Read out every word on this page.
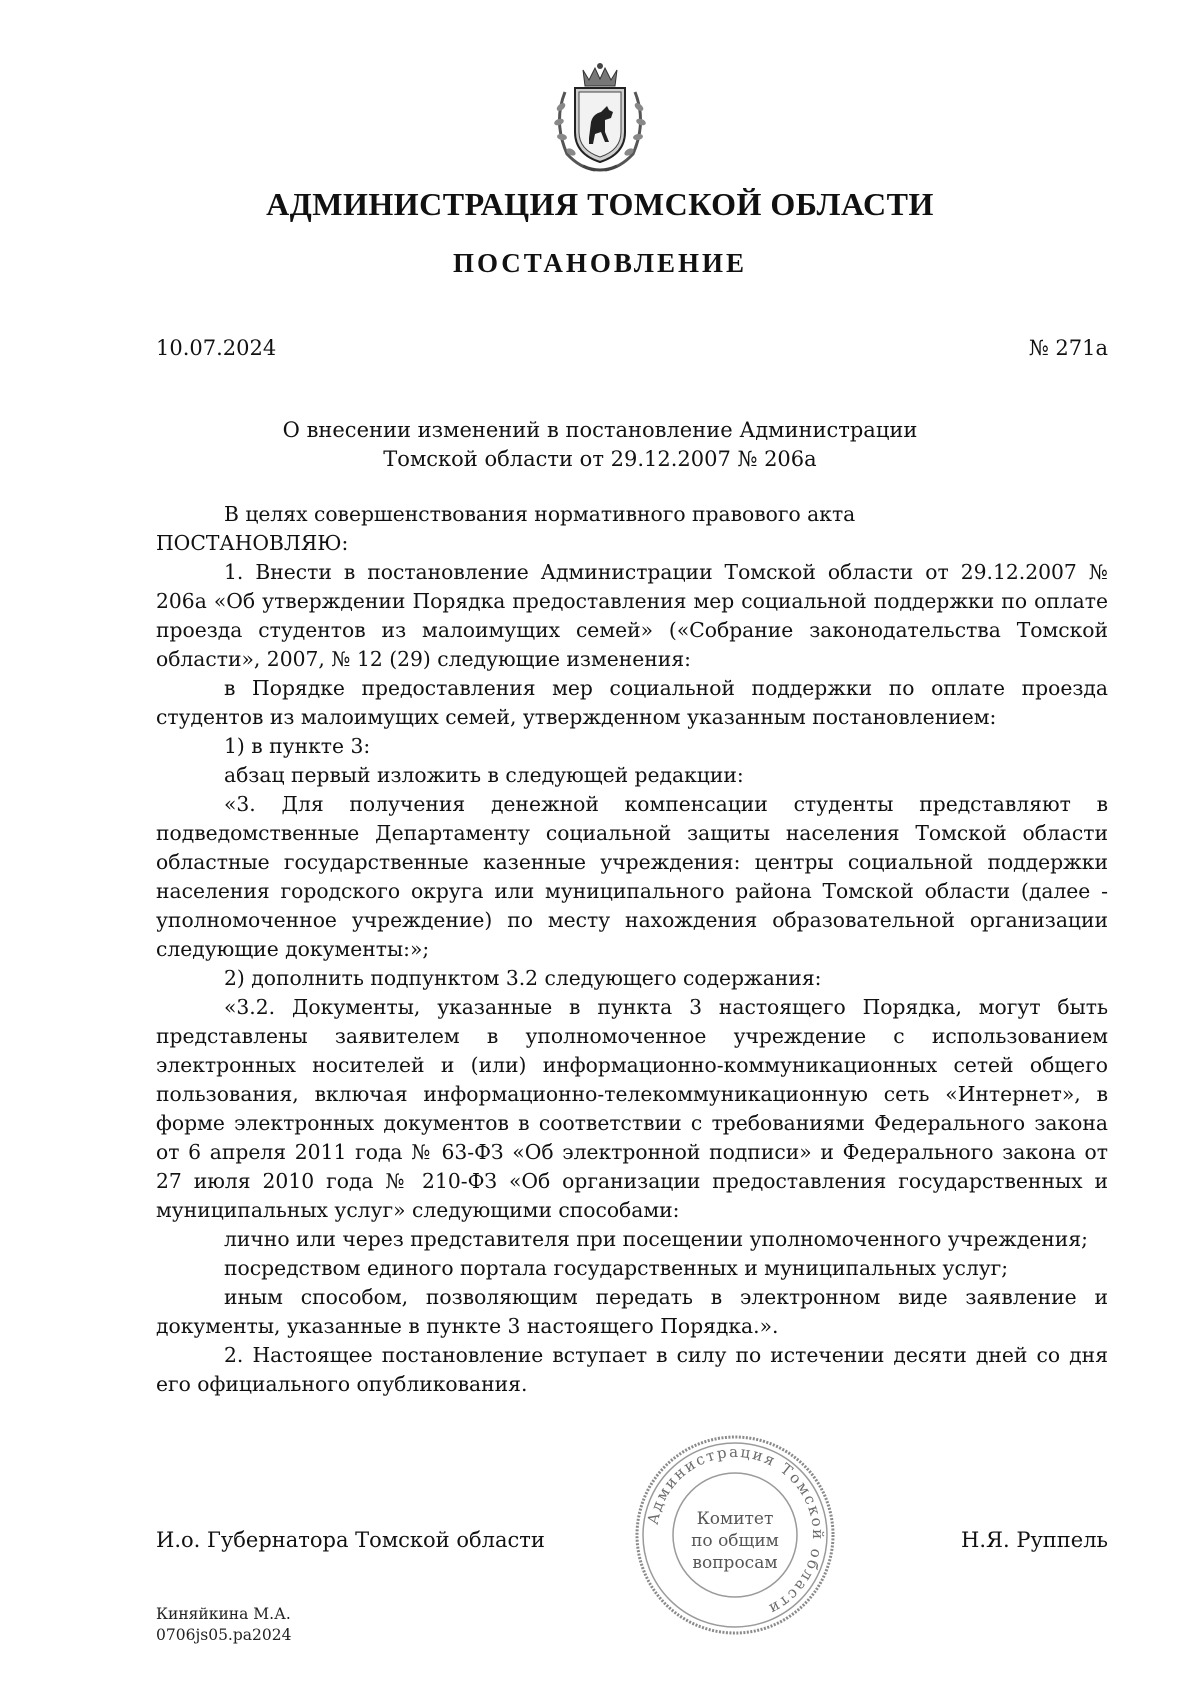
АДМИНИСТРАЦИЯ ТОМСКОЙ ОБЛАСТИ
ПОСТАНОВЛЕНИЕ
10.07.2024	№ 271а
О внесении изменений в постановление Администрации
Томской области от 29.12.2007 № 206а

В целях совершенствования нормативного правового акта

ПОСТАНОВЛЯЮ:

1. Внести в постановление Администрации Томской области от 29.12.2007 № 206а «Об утверждении Порядка предоставления мер социальной поддержки по оплате проезда студентов из малоимущих семей» («Собрание законодательства Томской области», 2007, № 12 (29) следующие изменения:

в Порядке предоставления мер социальной поддержки по оплате проезда студентов из малоимущих семей, утвержденном указанным постановлением:

1) в пункте 3:

абзац первый изложить в следующей редакции:

«3. Для получения денежной компенсации студенты представляют в подведомственные Департаменту социальной защиты населения Томской области областные государственные казенные учреждения: центры социальной поддержки населения городского округа или муниципального района Томской области (далее - уполномоченное учреждение) по месту нахождения образовательной организации следующие документы:»;

2) дополнить подпунктом 3.2 следующего содержания:

«3.2. Документы, указанные в пункта 3 настоящего Порядка, могут быть представлены заявителем в уполномоченное учреждение с использованием электронных носителей и (или) информационно-коммуникационных сетей общего пользования, включая информационно-телекоммуникационную сеть «Интернет», в форме электронных документов в соответствии с требованиями Федерального закона от 6 апреля 2011 года № 63-ФЗ «Об электронной подписи» и Федерального закона от 27 июля 2010 года № 210-ФЗ «Об организации предоставления государственных и муниципальных услуг» следующими способами:

лично или через представителя при посещении уполномоченного учреждения;

посредством единого портала государственных и муниципальных услуг;

иным способом, позволяющим передать в электронном виде заявление и документы, указанные в пункте 3 настоящего Порядка.».

2. Настоящее постановление вступает в силу по истечении десяти дней со дня его официального опубликования.

И.о. Губернатора Томской области	Н.Я. Руппель
Администрация Томской области
Комитет
по общим
вопросам
Киняйкина М.А.
0706js05.pa2024
